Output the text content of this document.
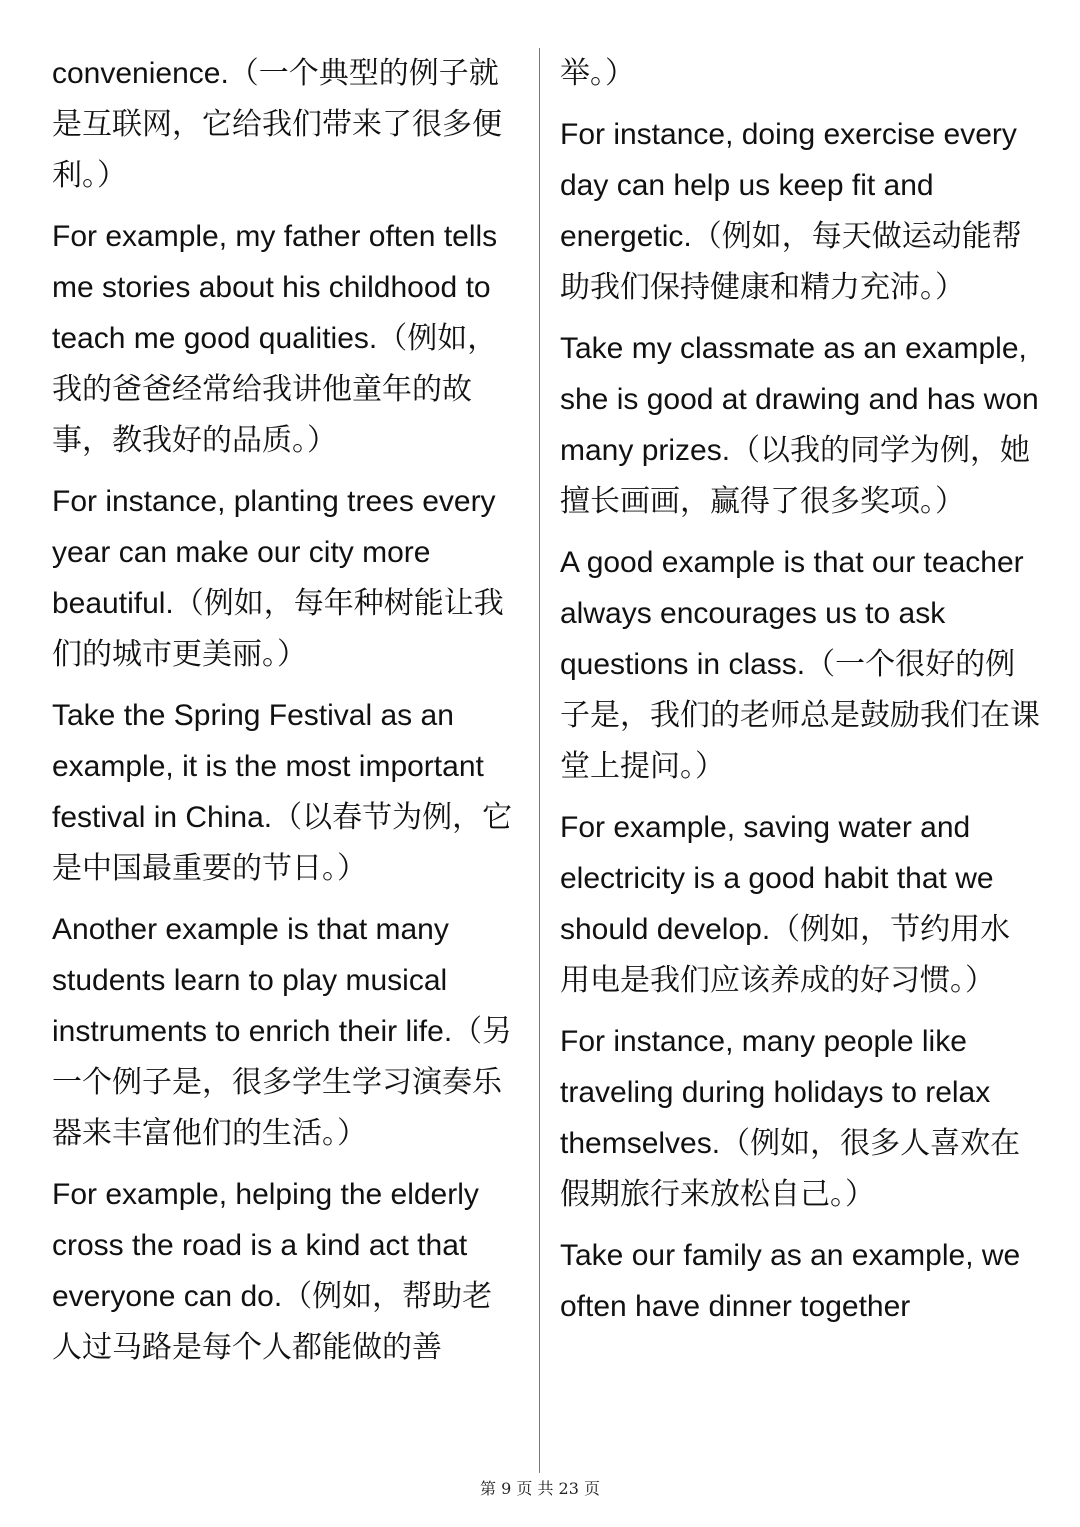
convenience.（一个典型的例子就是互联网，它给我们带来了很多便利。）

For example, my father often tells me stories about his childhood to teach me good qualities.（例如，我的爸爸经常给我讲他童年的故事，教我好的品质。）

For instance, planting trees every year can make our city more beautiful.（例如，每年种树能让我们的城市更美丽。）

Take the Spring Festival as an example, it is the most important festival in China.（以春节为例，它是中国最重要的节日。）

Another example is that many students learn to play musical instruments to enrich their life.（另一个例子是，很多学生学习演奏乐器来丰富他们的生活。）

For example, helping the elderly cross the road is a kind act that everyone can do.（例如，帮助老人过马路是每个人都能做的善

举。）

For instance, doing exercise every day can help us keep fit and energetic.（例如，每天做运动能帮助我们保持健康和精力充沛。）

Take my classmate as an example, she is good at drawing and has won many prizes.（以我的同学为例，她擅长画画，赢得了很多奖项。）

A good example is that our teacher always encourages us to ask questions in class.（一个很好的例子是，我们的老师总是鼓励我们在课堂上提问。）

For example, saving water and electricity is a good habit that we should develop.（例如，节约用水用电是我们应该养成的好习惯。）

For instance, many people like traveling during holidays to relax themselves.（例如，很多人喜欢在假期旅行来放松自己。）

Take our family as an example, we often have dinner together

第 9 页 共 23 页
